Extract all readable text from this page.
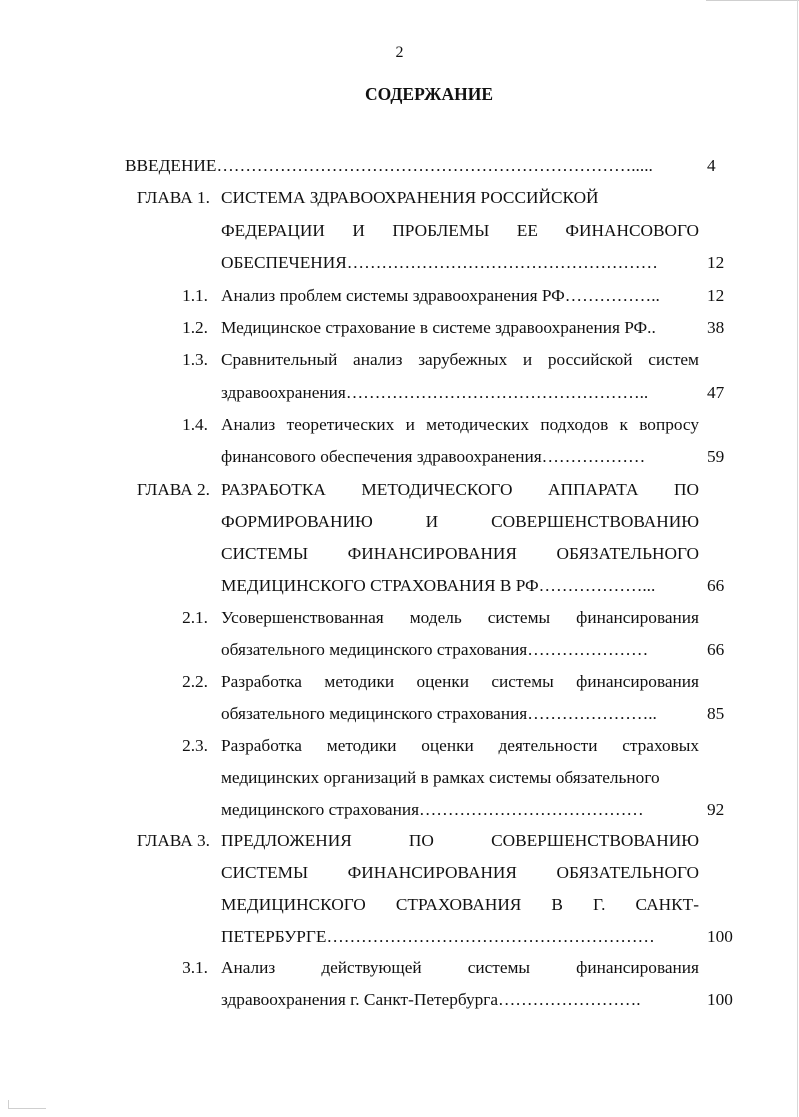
2
СОДЕРЖАНИЕ
ВВЕДЕНИЕ……………………………………………………………….....	4
ГЛАВА 1. СИСТЕМА ЗДРАВООХРАНЕНИЯ РОССИЙСКОЙ
ФЕДЕРАЦИИ И ПРОБЛЕМЫ ЕЕ ФИНАНСОВОГО
ОБЕСПЕЧЕНИЯ………………………………………………	12
1.1. Анализ проблем системы здравоохранения РФ……………..	12
1.2. Медицинское страхование в системе здравоохранения РФ..	38
1.3. Сравнительный анализ зарубежных и российской систем
здравоохранения……………………………………………..	47
1.4. Анализ теоретических и методических подходов к вопросу
финансового обеспечения здравоохранения………………	59
ГЛАВА 2. РАЗРАБОТКА МЕТОДИЧЕСКОГО АППАРАТА ПО
ФОРМИРОВАНИЮ И СОВЕРШЕНСТВОВАНИЮ
СИСТЕМЫ ФИНАНСИРОВАНИЯ ОБЯЗАТЕЛЬНОГО
МЕДИЦИНСКОГО СТРАХОВАНИЯ В РФ………………...	66
2.1. Усовершенствованная модель системы финансирования
обязательного медицинского страхования…………………	66
2.2. Разработка методики оценки системы финансирования
обязательного медицинского страхования…………………..	85
2.3. Разработка методики оценки деятельности страховых
медицинских организаций в рамках системы обязательного
медицинского страхования…………………………………	92
ГЛАВА 3. ПРЕДЛОЖЕНИЯ ПО СОВЕРШЕНСТВОВАНИЮ
СИСТЕМЫ ФИНАНСИРОВАНИЯ ОБЯЗАТЕЛЬНОГО
МЕДИЦИНСКОГО СТРАХОВАНИЯ В Г. САНКТ-
ПЕТЕРБУРГЕ…………………………………………………	100
3.1. Анализ действующей системы финансирования
здравоохранения г. Санкт-Петербурга…………………….	100
